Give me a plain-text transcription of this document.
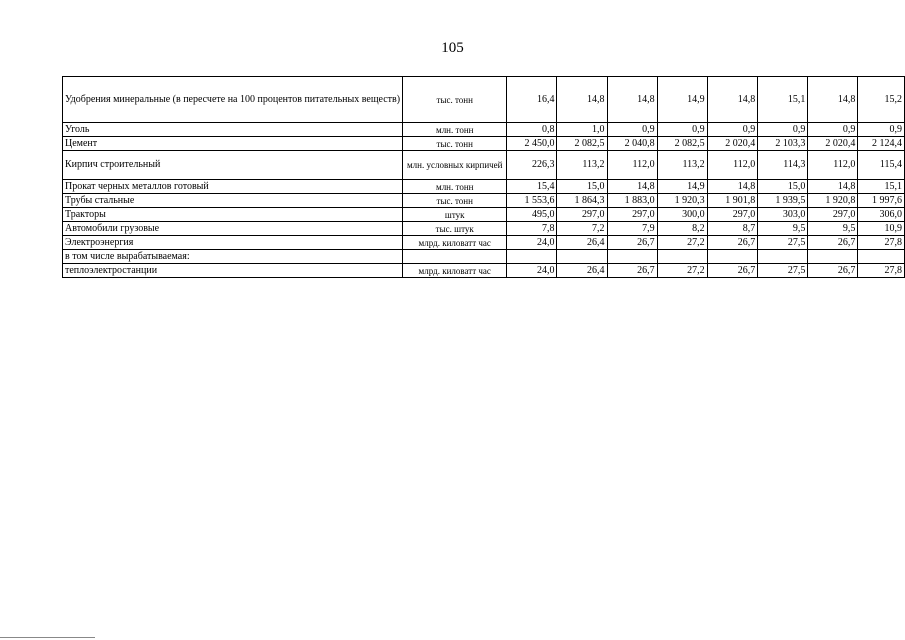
105
Удобрения минеральные (в пересчете на 100 процентов питательных веществ)	тыс. тонн	16,4	14,8	14,8	14,9	14,8	15,1	14,8	15,2
Уголь	млн. тонн	0,8	1,0	0,9	0,9	0,9	0,9	0,9	0,9
Цемент	тыс. тонн	2 450,0	2 082,5	2 040,8	2 082,5	2 020,4	2 103,3	2 020,4	2 124,4
Кирпич строительный	млн. условных кирпичей	226,3	113,2	112,0	113,2	112,0	114,3	112,0	115,4
Прокат черных металлов готовый	млн. тонн	15,4	15,0	14,8	14,9	14,8	15,0	14,8	15,1
Трубы стальные	тыс. тонн	1 553,6	1 864,3	1 883,0	1 920,3	1 901,8	1 939,5	1 920,8	1 997,6
Тракторы	штук	495,0	297,0	297,0	300,0	297,0	303,0	297,0	306,0
Автомобили грузовые	тыс. штук	7,8	7,2	7,9	8,2	8,7	9,5	9,5	10,9
Электроэнергия	млрд. киловатт час	24,0	26,4	26,7	27,2	26,7	27,5	26,7	27,8
в том числе вырабатываемая:									
теплоэлектростанции	млрд. киловатт час	24,0	26,4	26,7	27,2	26,7	27,5	26,7	27,8
